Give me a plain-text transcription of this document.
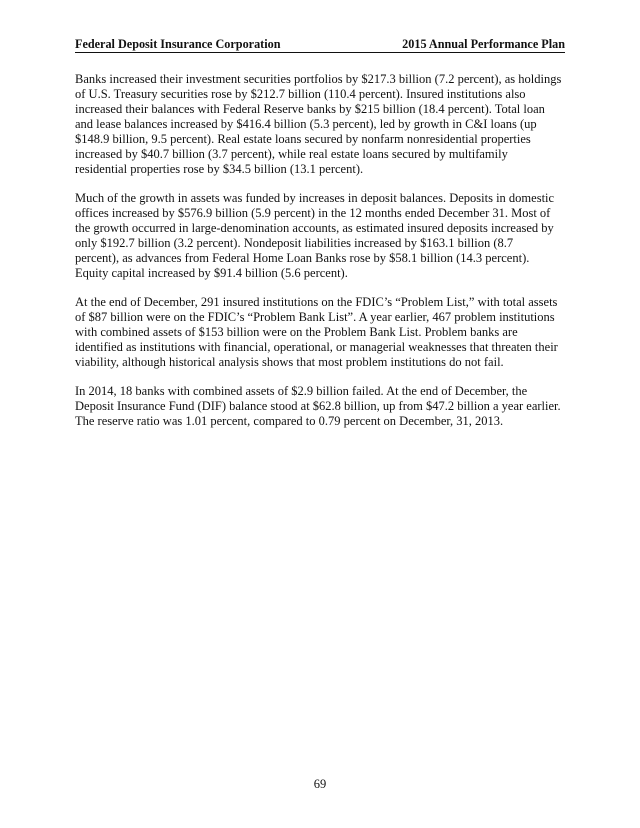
Federal Deposit Insurance Corporation	2015 Annual Performance Plan

Banks increased their investment securities portfolios by $217.3 billion (7.2 percent), as holdings
of U.S. Treasury securities rose by $212.7 billion (110.4 percent). Insured institutions also
increased their balances with Federal Reserve banks by $215 billion (18.4 percent). Total loan
and lease balances increased by $416.4 billion (5.3 percent), led by growth in C&I loans (up
$148.9 billion, 9.5 percent). Real estate loans secured by nonfarm nonresidential properties
increased by $40.7 billion (3.7 percent), while real estate loans secured by multifamily
residential properties rose by $34.5 billion (13.1 percent).

Much of the growth in assets was funded by increases in deposit balances. Deposits in domestic
offices increased by $576.9 billion (5.9 percent) in the 12 months ended December 31. Most of
the growth occurred in large-denomination accounts, as estimated insured deposits increased by
only $192.7 billion (3.2 percent). Nondeposit liabilities increased by $163.1 billion (8.7
percent), as advances from Federal Home Loan Banks rose by $58.1 billion (14.3 percent).
Equity capital increased by $91.4 billion (5.6 percent).

At the end of December, 291 insured institutions on the FDIC’s “Problem List,” with total assets
of $87 billion were on the FDIC’s “Problem Bank List”. A year earlier, 467 problem institutions
with combined assets of $153 billion were on the Problem Bank List. Problem banks are
identified as institutions with financial, operational, or managerial weaknesses that threaten their
viability, although historical analysis shows that most problem institutions do not fail.

In 2014, 18 banks with combined assets of $2.9 billion failed. At the end of December, the
Deposit Insurance Fund (DIF) balance stood at $62.8 billion, up from $47.2 billion a year earlier.
The reserve ratio was 1.01 percent, compared to 0.79 percent on December, 31, 2013.

69
